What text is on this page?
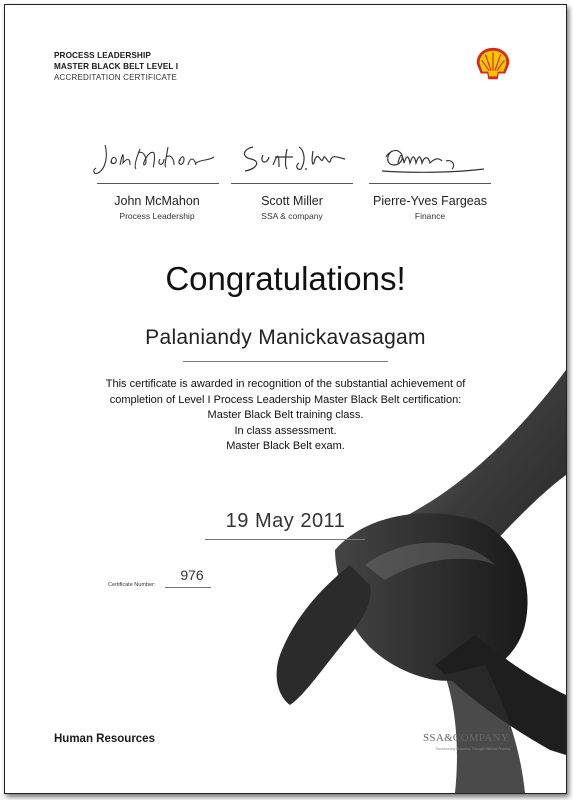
PROCESS LEADERSHIP
MASTER BLACK BELT LEVEL I
ACCREDITATION CERTIFICATE
John McMahon
Process Leadership
Scott Miller
SSA & company
Pierre-Yves Fargeas
Finance
Congratulations!
Palaniandy Manickavasagam
This certificate is awarded in recognition of the substantial achievement of
completion of Level I Process Leadership Master Black Belt certification:
Master Black Belt training class.
In class assessment.
Master Black Belt exam.
19 May 2011
Certificate Number:
976
Human Resources	SSA&COMPANY
Transforming Business Through Internal Process
